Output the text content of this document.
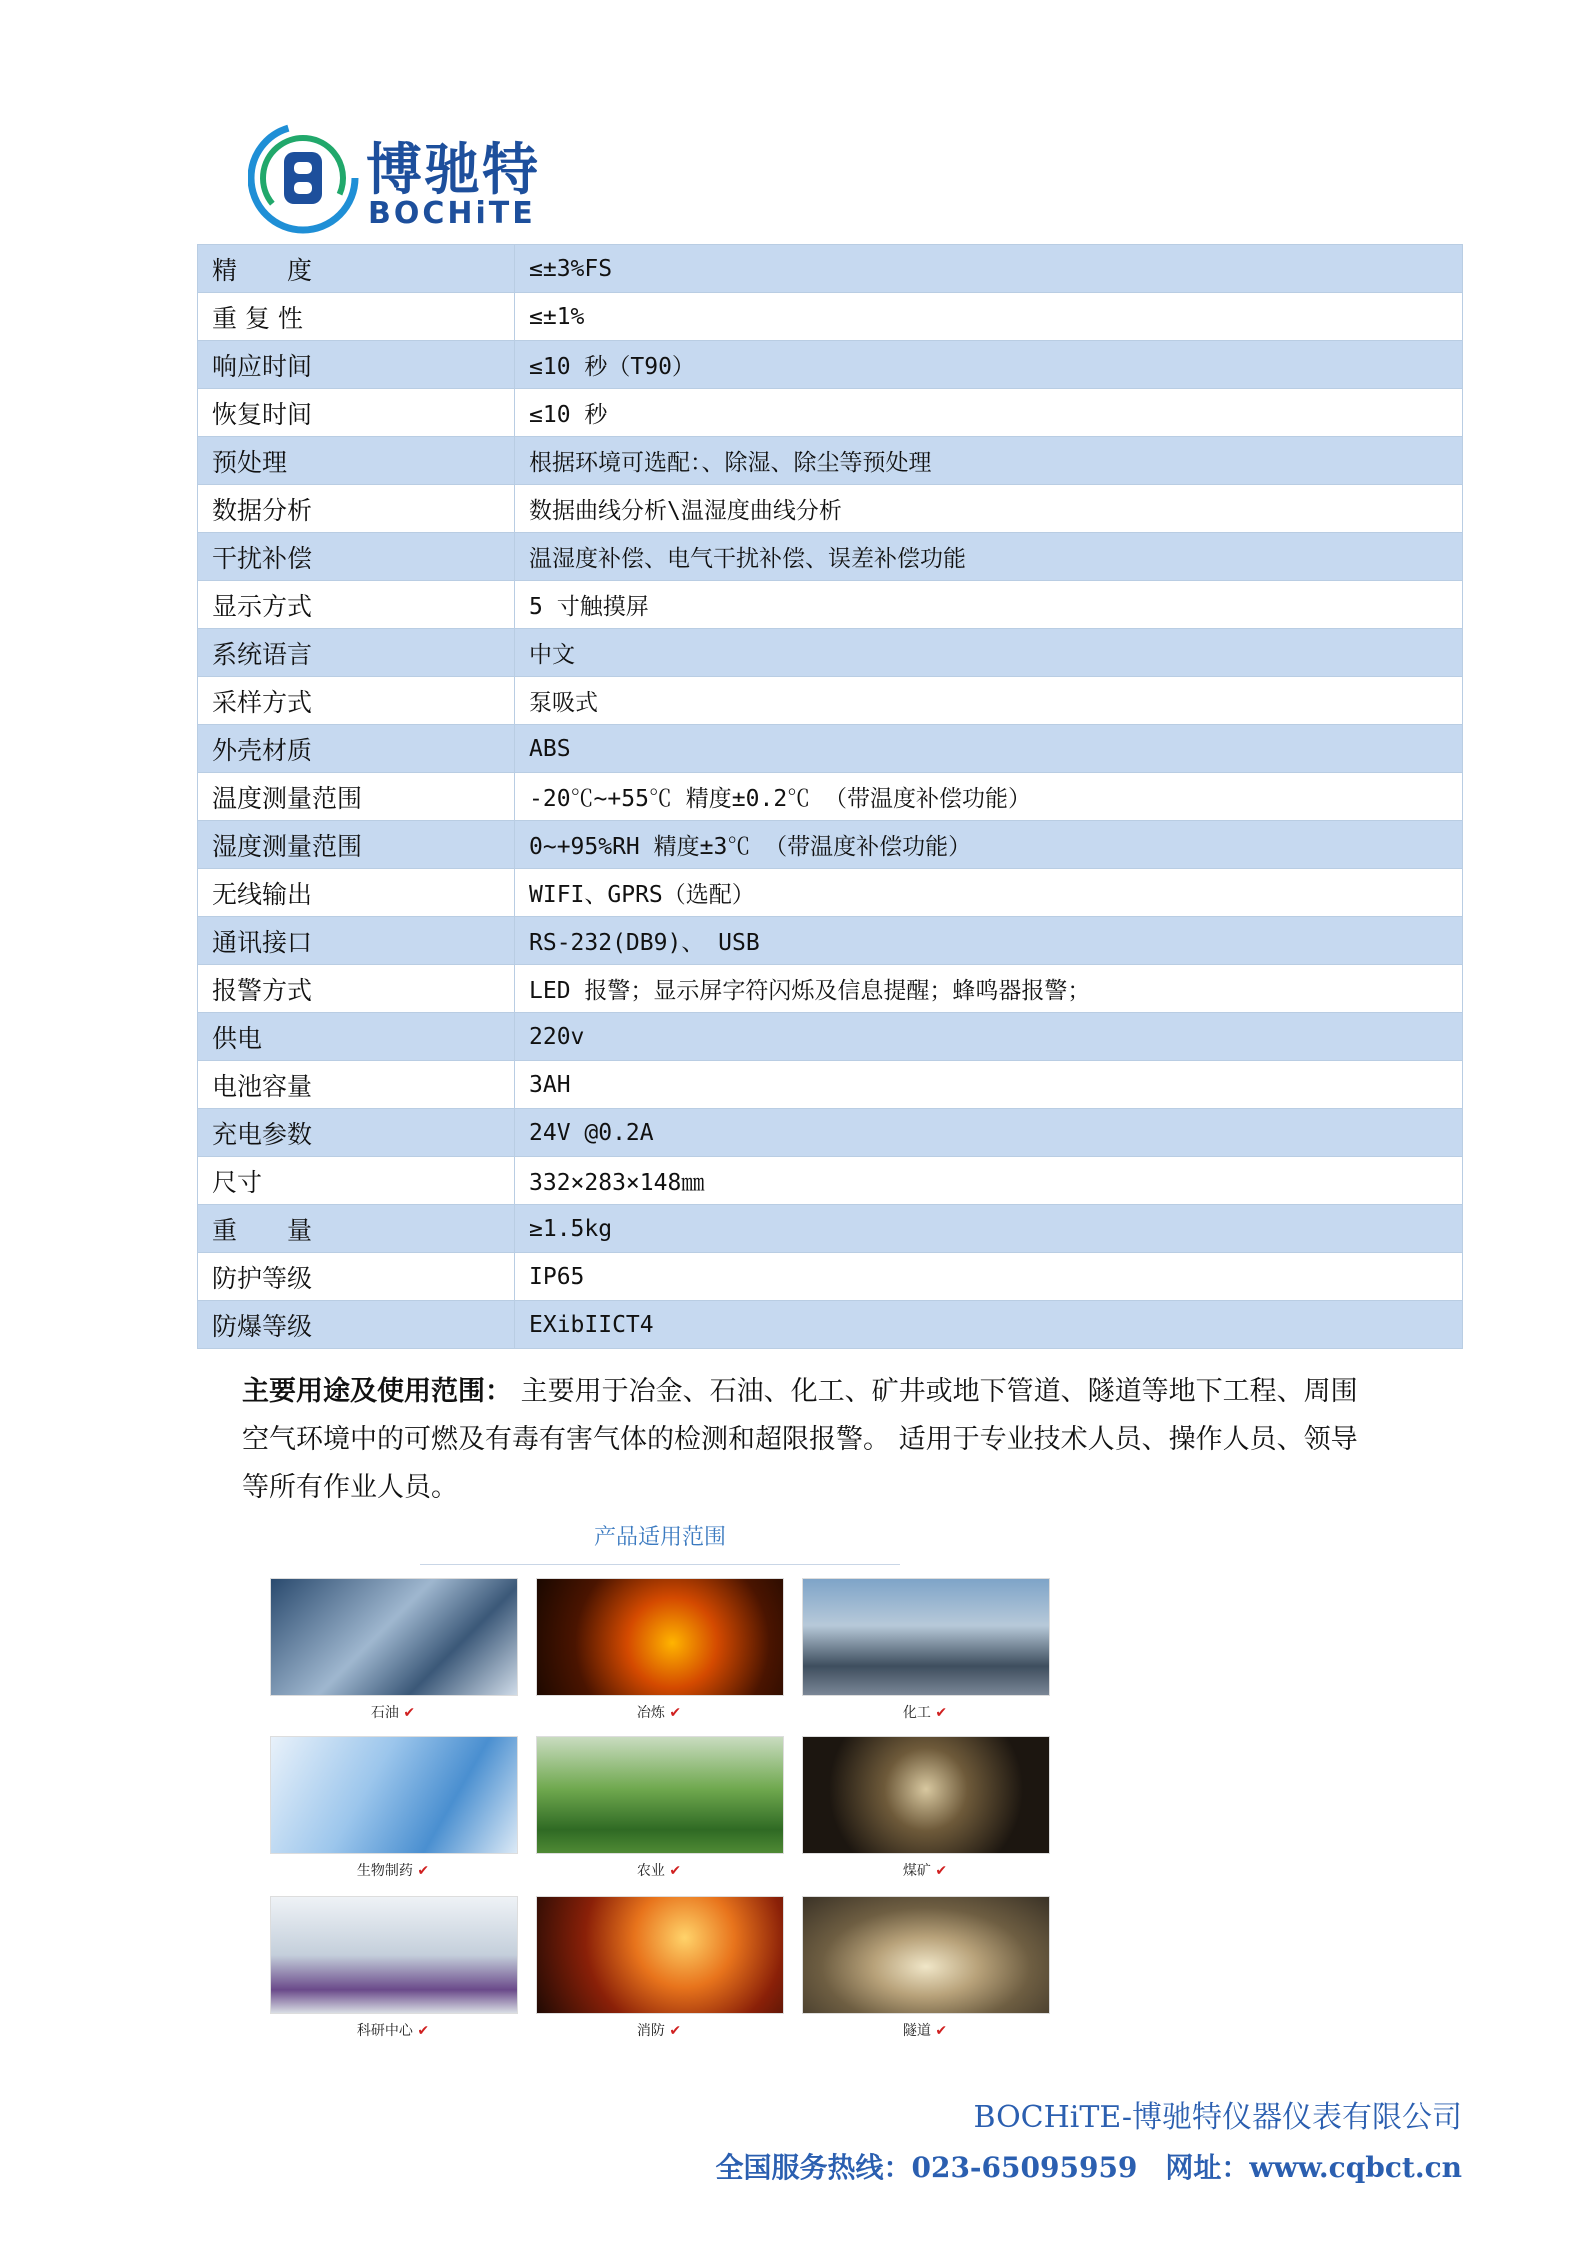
博驰特
BOCHiTE
精　　度	≤±3%FS
重 复 性	≤±1%
响应时间	≤10 秒（T90）
恢复时间	≤10 秒
预处理	根据环境可选配：、除湿、除尘等预处理
数据分析	数据曲线分析\温湿度曲线分析
干扰补偿	温湿度补偿、电气干扰补偿、误差补偿功能
显示方式	5 寸触摸屏
系统语言	中文
采样方式	泵吸式
外壳材质	ABS
温度测量范围	-20℃~+55℃ 精度±0.2℃ （带温度补偿功能）
湿度测量范围	0~+95%RH 精度±3℃ （带温度补偿功能）
无线输出	WIFI、GPRS（选配）
通讯接口	RS-232(DB9)、 USB
报警方式	LED 报警；显示屏字符闪烁及信息提醒；蜂鸣器报警；
供电	220v
电池容量	3AH
充电参数	24V @0.2A
尺寸	332×283×148㎜
重　　量	≥1.5kg
防护等级	IP65
防爆等级	EXibIICT4
主要用途及使用范围： 主要用于冶金、石油、化工、矿井或地下管道、隧道等地下工程、周围空气环境中的可燃及有毒有害气体的检测和超限报警。 适用于专业技术人员、操作人员、领导等所有作业人员。
产品适用范围
石油 ✔	冶炼 ✔	化工 ✔
生物制药 ✔	农业 ✔	煤矿 ✔
科研中心 ✔	消防 ✔	隧道 ✔
BOCHiTE-博驰特仪器仪表有限公司
全国服务热线：023-65095959　网址：www.cqbct.cn
